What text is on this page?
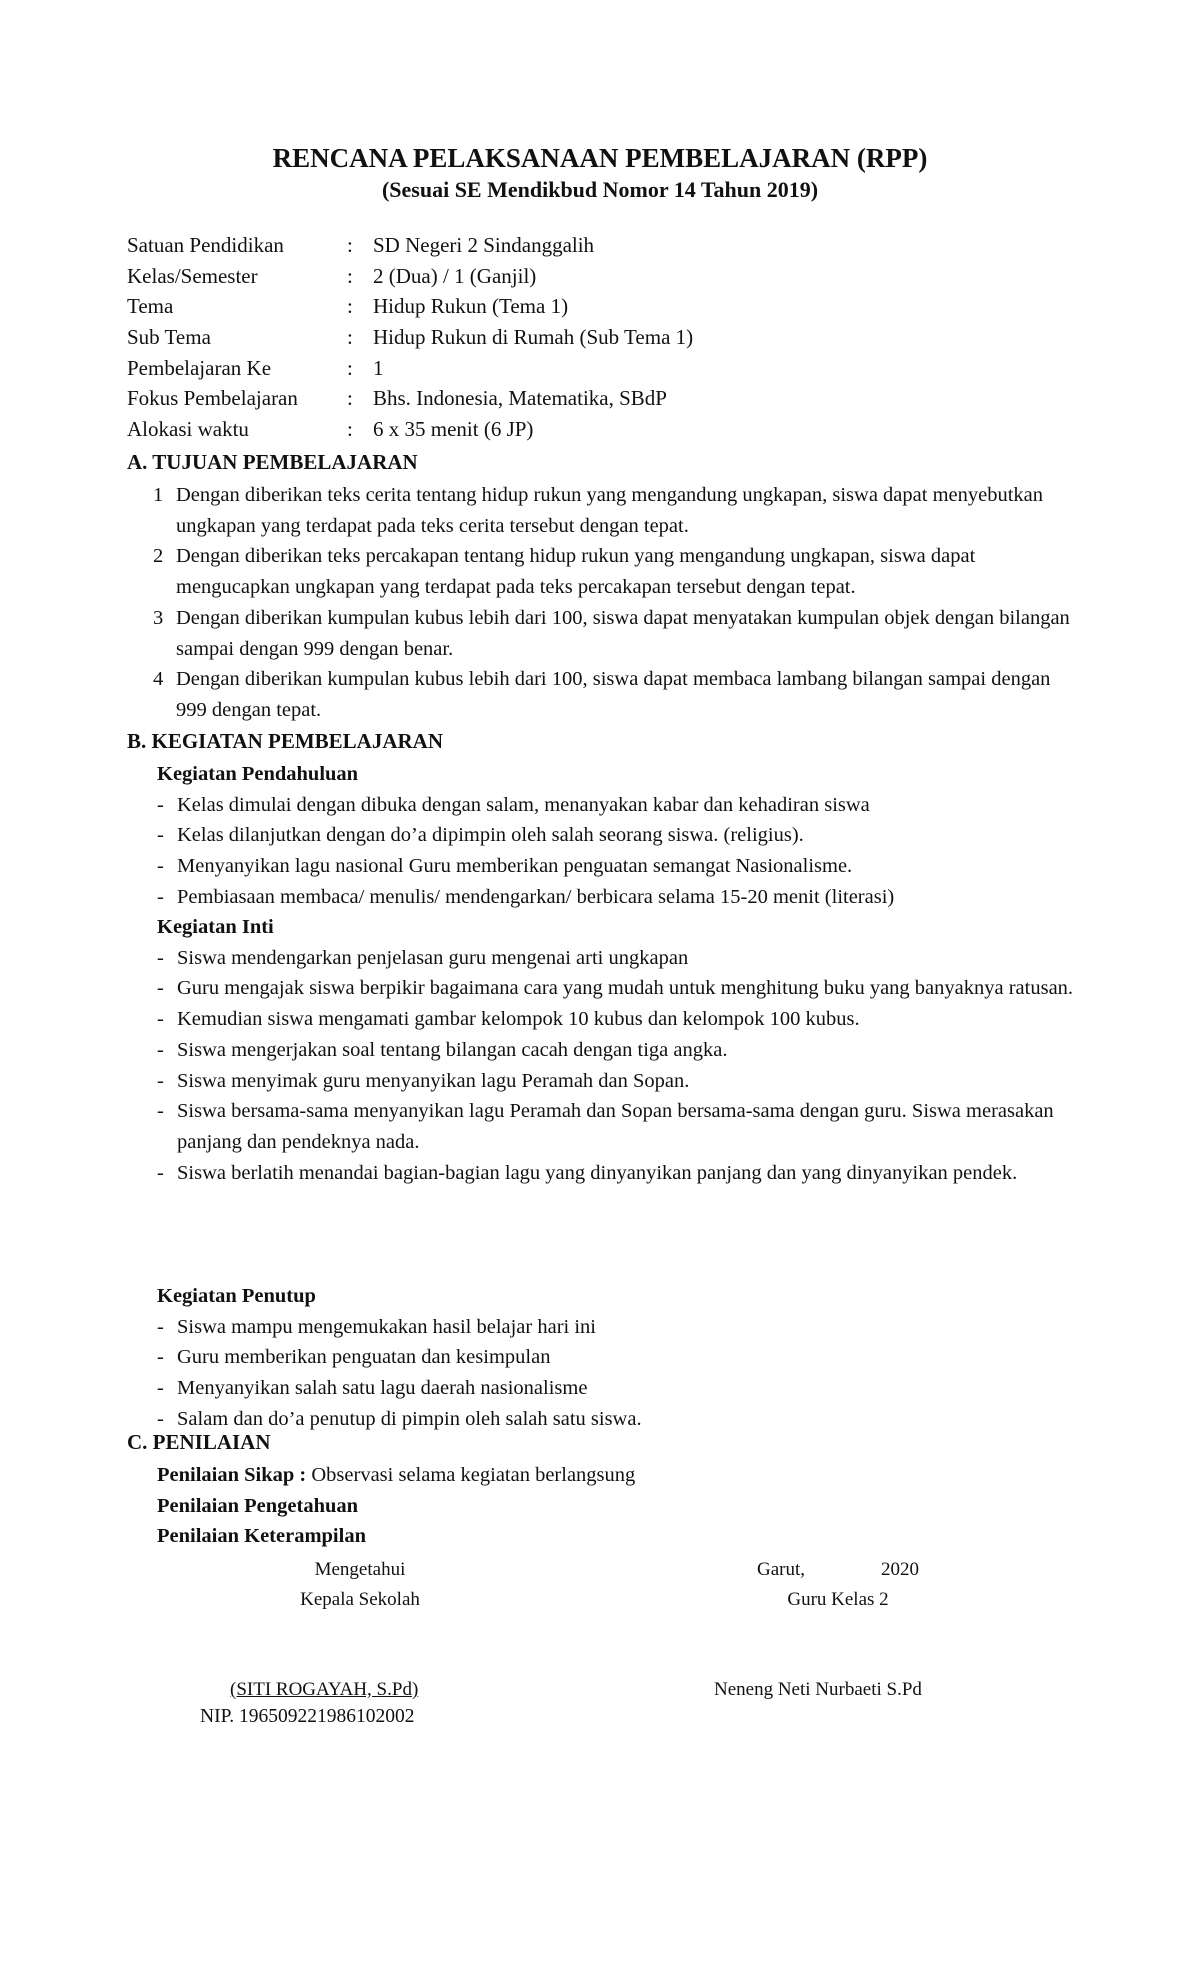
RENCANA PELAKSANAAN PEMBELAJARAN (RPP)
(Sesuai SE Mendikbud Nomor 14 Tahun 2019)
Satuan Pendidikan	:SD Negeri 2 Sindanggalih
Kelas/Semester	: 2 (Dua) / 1 (Ganjil)
Tema	: Hidup Rukun (Tema 1)
Sub Tema	: Hidup Rukun di Rumah (Sub Tema 1)
Pembelajaran Ke	: 1
Fokus Pembelajaran : Bhs. Indonesia, Matematika, SBdP
Alokasi waktu	:6 x 35 menit (6 JP)
A. TUJUAN PEMBELAJARAN
1 Dengan diberikan teks cerita tentang hidup rukun yang mengandung ungkapan, siswa dapat menyebutkan ungkapan yang terdapat pada teks cerita tersebut dengan tepat.
2 Dengan diberikan teks percakapan tentang hidup rukun yang mengandung ungkapan, siswa dapat mengucapkan ungkapan yang terdapat pada teks percakapan tersebut dengan tepat.
3 Dengan diberikan kumpulan kubus lebih dari 100, siswa dapat menyatakan kumpulan objek dengan bilangan sampai dengan 999 dengan benar.
4 Dengan diberikan kumpulan kubus lebih dari 100, siswa dapat membaca lambang bilangan sampai dengan 999 dengan tepat.
B. KEGIATAN PEMBELAJARAN
Kegiatan Pendahuluan
- Kelas dimulai dengan dibuka dengan salam, menanyakan kabar dan kehadiran siswa
- Kelas dilanjutkan dengan do’a dipimpin oleh salah seorang siswa. (religius).
- Menyanyikan lagu nasional Guru memberikan penguatan semangat Nasionalisme.
- Pembiasaan membaca/ menulis/ mendengarkan/ berbicara selama 15-20 menit (literasi)
Kegiatan Inti
- Siswa mendengarkan penjelasan guru mengenai arti ungkapan
- Guru mengajak siswa berpikir bagaimana cara yang mudah untuk menghitung buku yang banyaknya ratusan.
- Kemudian siswa mengamati gambar kelompok 10 kubus dan kelompok 100 kubus.
- Siswa mengerjakan soal tentang bilangan cacah dengan tiga angka.
- Siswa menyimak guru menyanyikan lagu Peramah dan Sopan.
- Siswa bersama-sama menyanyikan lagu Peramah dan Sopan bersama-sama dengan guru. Siswa merasakan panjang dan pendeknya nada.
- Siswa berlatih menandai bagian-bagian lagu yang dinyanyikan panjang dan yang dinyanyikan pendek.
Kegiatan Penutup
- Siswa mampu mengemukakan hasil belajar hari ini
- Guru memberikan penguatan dan kesimpulan
- Menyanyikan salah satu lagu daerah nasionalisme
- Salam dan do’a penutup di pimpin oleh salah satu siswa.
C. PENILAIAN
Penilaian Sikap : Observasi selama kegiatan berlangsung
Penilaian Pengetahuan
Penilaian Keterampilan
Mengetahui
Kepala Sekolah
Garut,	2020
Guru Kelas 2
(SITI ROGAYAH, S.Pd)
NIP. 196509221986102002
Neneng Neti Nurbaeti S.Pd
